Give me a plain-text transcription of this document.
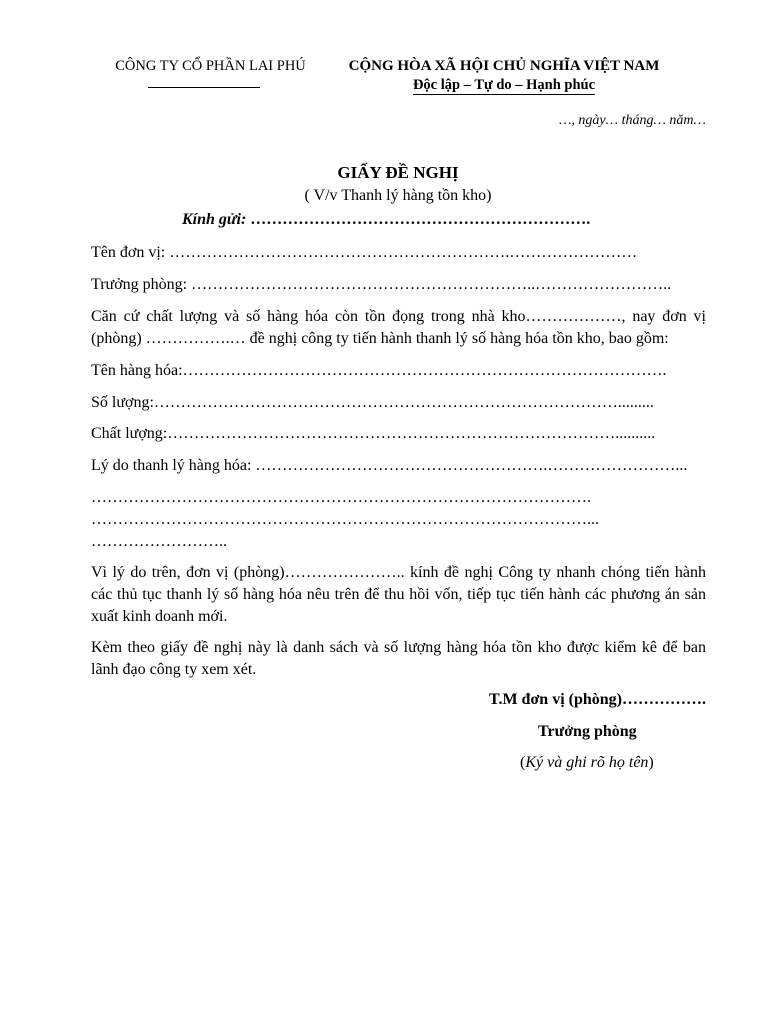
CÔNG TY CỔ PHẦN LAI PHÚ	CỘNG HÒA XÃ HỘI CHỦ NGHĨA VIỆT NAM
Độc lập – Tự do – Hạnh phúc
…, ngày… tháng… năm…
GIẤY ĐỀ NGHỊ
( V/v Thanh lý hàng tồn kho)
Kính gửi: ……………………………………………………….
Tên đơn vị: ……………………………………………………….……………………
Trưởng phòng: ………………………………………………………..……………………..
Căn cứ chất lượng và số hàng hóa còn tồn đọng trong nhà kho………………, nay đơn vị (phòng) …………….… đề nghị công ty tiến hành thanh lý số hàng hóa tồn kho, bao gồm:
Tên hàng hóa:……………………………………………………………………………….
Số lượng:…………………………………………………………………………….........
Chất lượng:…………………………………………………………………………..........
Lý do thanh lý hàng hóa: ……………………………………………….……………………...
………………………………………………………………………………….
…………………………………………………………………………………...
……………………..
Vì lý do trên, đơn vị (phòng)………………….. kính đề nghị Công ty nhanh chóng tiến hành các thủ tục thanh lý số hàng hóa nêu trên để thu hồi vốn, tiếp tục tiến hành các phương án sản xuất kinh doanh mới.
Kèm theo giấy đề nghị này là danh sách và số lượng hàng hóa tồn kho được kiểm kê để ban lãnh đạo công ty xem xét.
T.M đơn vị (phòng)…………….
Trưởng phòng
(Ký và ghi rõ họ tên)
